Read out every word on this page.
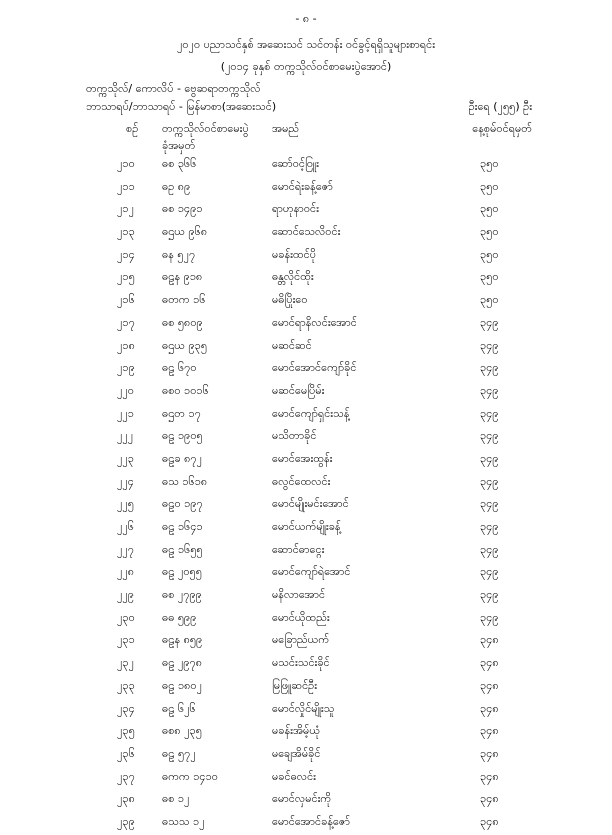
- ၈ -
၂၀၂၀ ပညာသင်နှစ် အဆေးသင် သင်တန်း ဝင်ခွင့်ရရှိသူများစာရင်း
(၂၀၁၄ ခုနှစ် တက္ကသိုလ်ဝင်စာမေးပွဲအောင်)
တက္ကသိုလ်/ ကောလိပ် - ဗွေဆရာတက္ကသိုလ်
ဘာသာရပ်/ဘာသာရပ် - မြန်မာစာ(အဆေးသင်)	ဦးရေ (၂၅၅) ဦး
စဉ် တက္ကသိုလ်ဝင်စာမေးပွဲ
ခုံအမှတ်
အမည်	နေ့စုမ်ဝင်ရမှတ်
၂၁၀ ဓစ ၃၆၆	ဆော်ဝင့်ဝြူး	၃၅၀
၂၁၁ ဓဥ ၈၉	မောင်ရဲးခန့်ဇော်	၃၅၀
၂၁၂	ဓစ ၁၄၉၁	ရာဟုနာဝင်း	၃၅၀
၂၁၃ ဓဌယ ၉၆၈	ဆောင်သေလိဝင်း	၃၅၀
၂၁၄ ဓန ၅၂၇	မခန်းထင်ပို	၃၅၀
၂၁၅ ဓဠန ၉၁၈	ဓန္တလိုင်ထိုး	၃၅၀
၂၁၆ ဓတက ၁၆	မဓိပြိုးဝေ	၃၅၀
၂၁၇ ဓစ ၅၈၀၉	မောင်ရာနိလင်းအောင်	၃၄၉
၂၁၈ ဓဌယ ၉၃၅	မဆင်ဆင်	၃၄၉
၂၁၉ ဓဠ ၆၇၀	မောင်အောင်ကျော်ခိုင်	၃၄၉
၂၂၀	ဓစ၀ ၁၀၁၆	မဆင်မေပြိမ်း	၃၄၉
၂၂၁	ဓဌတ ၁၇	မောင်ကျော်ရှင်းသန့်	၃၄၉
၂၂၂	ဓဠ ၁၉၀၅	မသိတာခိုင်	၃၄၉
၂၂၃	ဓဠခ ၈၇၂	မောင်အေးထွန်း	၃၄၉
၂၂၄	ဓသ ၁၆၁၈	ဓလွင်ထေလင်း	၃၄၉
၂၂၅	ဓဠ၀ ၁၉၇	မောင်မျိုးမင်းအောင်	၃၄၉
၂၂၆	ဓဠ ၁၆၄၁	မောင်ယက်မျိုးခန့်	၃၄၉
၂၂၇	ဓဠ ၁၆၅၅	ဆောင်ဓာင္ဂေး	၃၄၉
၂၂၈	ဓဠ ၂၀၅၅	မောင်ကျော်ရဲအောင်	၃၄၉
၂၂၉	ဓစ ၂၇၉၉	မနိလာအောင်	၃၄၉
၂၃၀ ဓဓ ၅၉၉	မောင်ယိုထည်း	၃၄၉
၂၃၁ ဓဠန ၈၅၉	မခြောည်ယက်	၃၄၈
၂၃၂	ဓဠ ၂၉၇၈	မသင်းသင်းခိုင်	၃၄၈
၂၃၃ ဓဠ ၁၈၀၂	မြဖြူဆင်ဦး	၃၄၈
၂၃၄ ဓဠ ၆၂၆	မောင်လှိုင်မျိုးသူ	၃၄၈
၂၃၅ ဓစ၈ ၂၃၅	မခန်းအိမ့်ယုံ	၃၄၈
၂၃၆ ဓဠ ၅၇၂	မချေအိမ်ခိုင်	၃၄၈
၂၃၇ ဓကက ၁၄၁၀	မခင်ဓလင်း	၃၄၈
၂၃၈ ဓစ ၁၂	မောင်လှမင်းကို	၃၄၈
၂၃၉ ဓသသ ၁၂	မောင်အောင်ခန့်ဇော်	၃၄၈
